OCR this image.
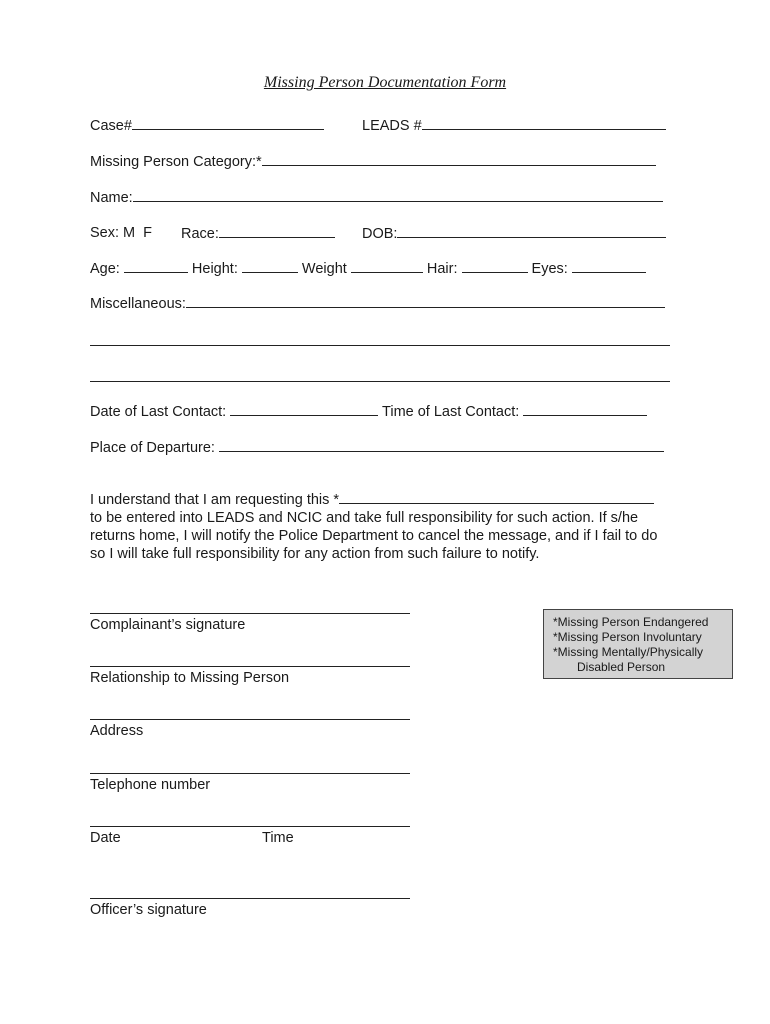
Missing Person Documentation Form
Case#	LEADS #
Missing Person Category:*
Name:
Sex: M  F Race:	DOB:
Age:	Height:	Weight	Hair:	Eyes:
Miscellaneous:
Date of Last Contact:	Time of Last Contact:
Place of Departure:
I understand that I am requesting this *
to be entered into LEADS and NCIC and take full responsibility for such action. If s/he returns home, I will notify the Police Department to cancel the message, and if I fail to do so I will take full responsibility for any action from such failure to notify.
Complainant’s signature
Relationship to Missing Person
Address
Telephone number
Date	Time
Officer’s signature
*Missing Person Endangered
*Missing Person Involuntary
*Missing Mentally/Physically
Disabled Person
